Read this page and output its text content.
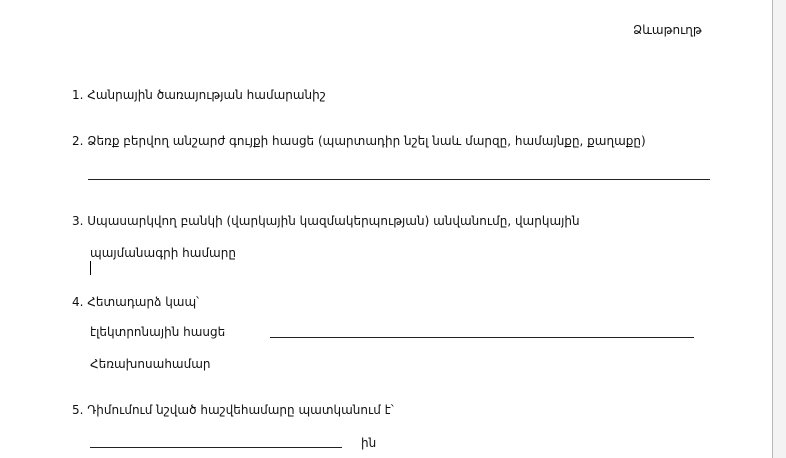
Ձևաթուղթ
1. Հանրային ծառայության համարանիշ
2. Ձեռք բերվող անշարժ գույքի հասցե (պարտադիր նշել նաև մարզը, համայնքը, քաղաքը)
3. Սպասարկվող բանկի (վարկային կազմակերպության) անվանումը, վարկային
պայմանագրի համարը
4. Հետադարձ կապ՝
էլեկտրոնային հասցե
Հեռախոսահամար
5. Դիմումում նշված հաշվեհամարը պատկանում է՝
ին
